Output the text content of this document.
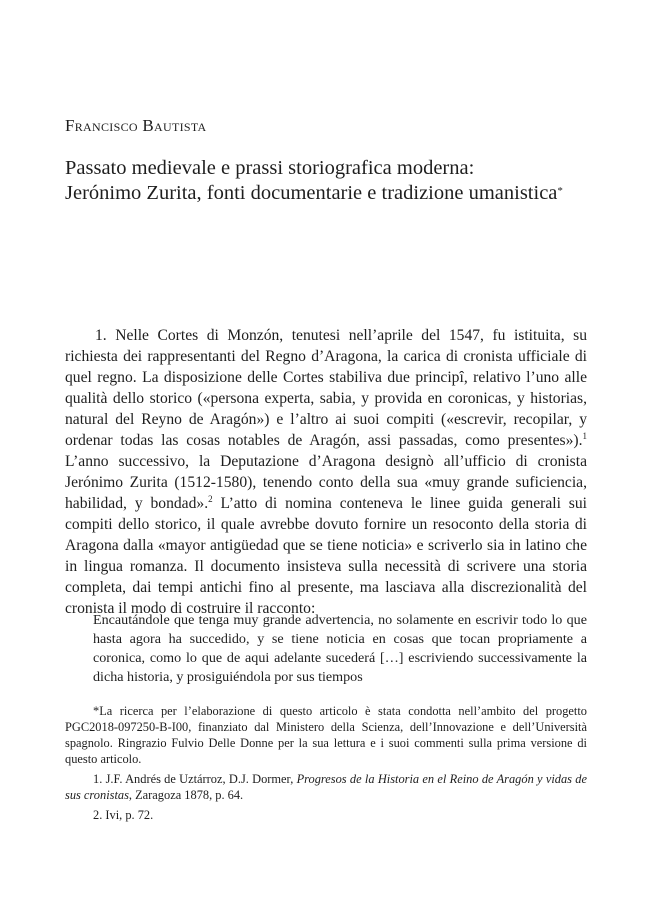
Francisco Bautista
Passato medievale e prassi storiografica moderna:
Jerónimo Zurita, fonti documentarie e tradizione umanistica*

1. Nelle Cortes di Monzón, tenutesi nell’aprile del 1547, fu istituita, su richiesta dei rappresentanti del Regno d’Aragona, la carica di cronista ufficiale di quel regno. La disposizione delle Cortes stabiliva due principî, relativo l’uno alle qualità dello storico («persona experta, sabia, y provida en coronicas, y historias, natural del Reyno de Aragón») e l’altro ai suoi compiti («escrevir, recopilar, y ordenar todas las cosas notables de Aragón, assi passadas, como presentes»).$^1$ L’anno successivo, la Deputazione d’Aragona designò all’ufficio di cronista Jerónimo Zurita (1512-1580), tenendo conto della sua «muy grande suficiencia, habilidad, y bondad».$^2$ L’atto di nomina conteneva le linee guida generali sui compiti dello storico, il quale avrebbe dovuto fornire un resoconto della storia di Aragona dalla «mayor antigüedad que se tiene noticia» e scriverlo sia in latino che in lingua romanza. Il documento insisteva sulla necessità di scrivere una storia completa, dai tempi antichi fino al presente, ma lasciava alla discrezionalità del cronista il modo di costruire il racconto:

Encautándole que tenga muy grande advertencia, no solamente en escrivir todo lo que hasta agora ha succedido, y se tiene noticia en cosas que tocan propriamente a coronica, como lo que de aqui adelante sucederá […] escriviendo successivamente la dicha historia, y prosiguiéndola por sus tiempos

*La ricerca per l’elaborazione di questo articolo è stata condotta nell’ambito del progetto PGC2018-097250-B-I00, finanziato dal Ministero della Scienza, dell’Innovazione e dell’Università spagnolo. Ringrazio Fulvio Delle Donne per la sua lettura e i suoi commenti sulla prima versione di questo articolo.

1. J.F. Andrés de Uztárroz, D.J. Dormer, Progresos de la Historia en el Reino de Aragón y vidas de sus cronistas, Zaragoza 1878, p. 64.

2. Ivi, p. 72.
